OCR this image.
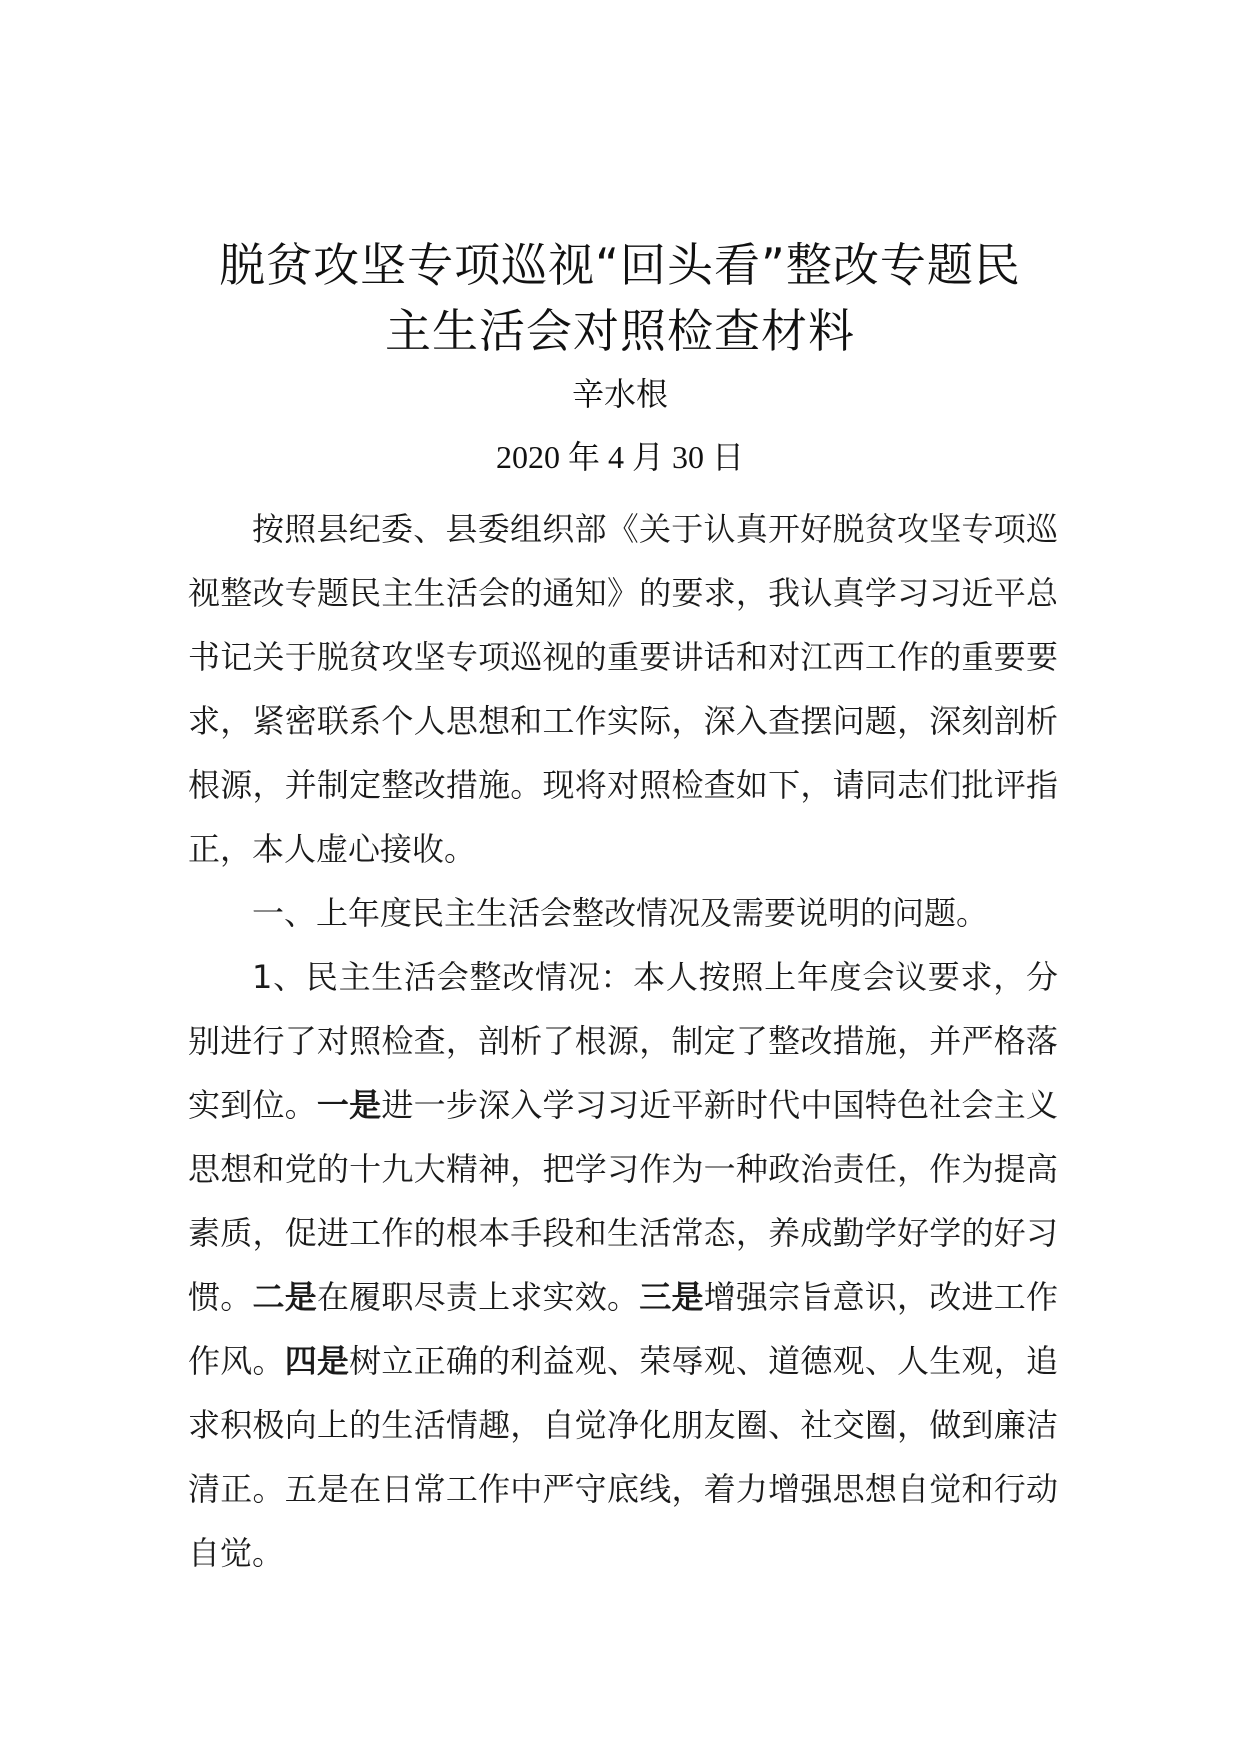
脱贫攻坚专项巡视“回头看”整改专题民
主生活会对照检查材料
辛水根
2020 年 4 月 30 日

按照县纪委、县委组织部《关于认真开好脱贫攻坚专项巡视整改专题民主生活会的通知》的要求，我认真学习习近平总书记关于脱贫攻坚专项巡视的重要讲话和对江西工作的重要要求，紧密联系个人思想和工作实际，深入查摆问题，深刻剖析根源，并制定整改措施。现将对照检查如下，请同志们批评指正，本人虚心接收。

一、上年度民主生活会整改情况及需要说明的问题。

1、民主生活会整改情况：本人按照上年度会议要求，分别进行了对照检查，剖析了根源，制定了整改措施，并严格落实到位。一是进一步深入学习习近平新时代中国特色社会主义思想和党的十九大精神，把学习作为一种政治责任，作为提高素质，促进工作的根本手段和生活常态，养成勤学好学的好习惯。二是在履职尽责上求实效。三是增强宗旨意识，改进工作作风。四是树立正确的利益观、荣辱观、道德观、人生观，追求积极向上的生活情趣，自觉净化朋友圈、社交圈，做到廉洁清正。五是在日常工作中严守底线，着力增强思想自觉和行动自觉。
